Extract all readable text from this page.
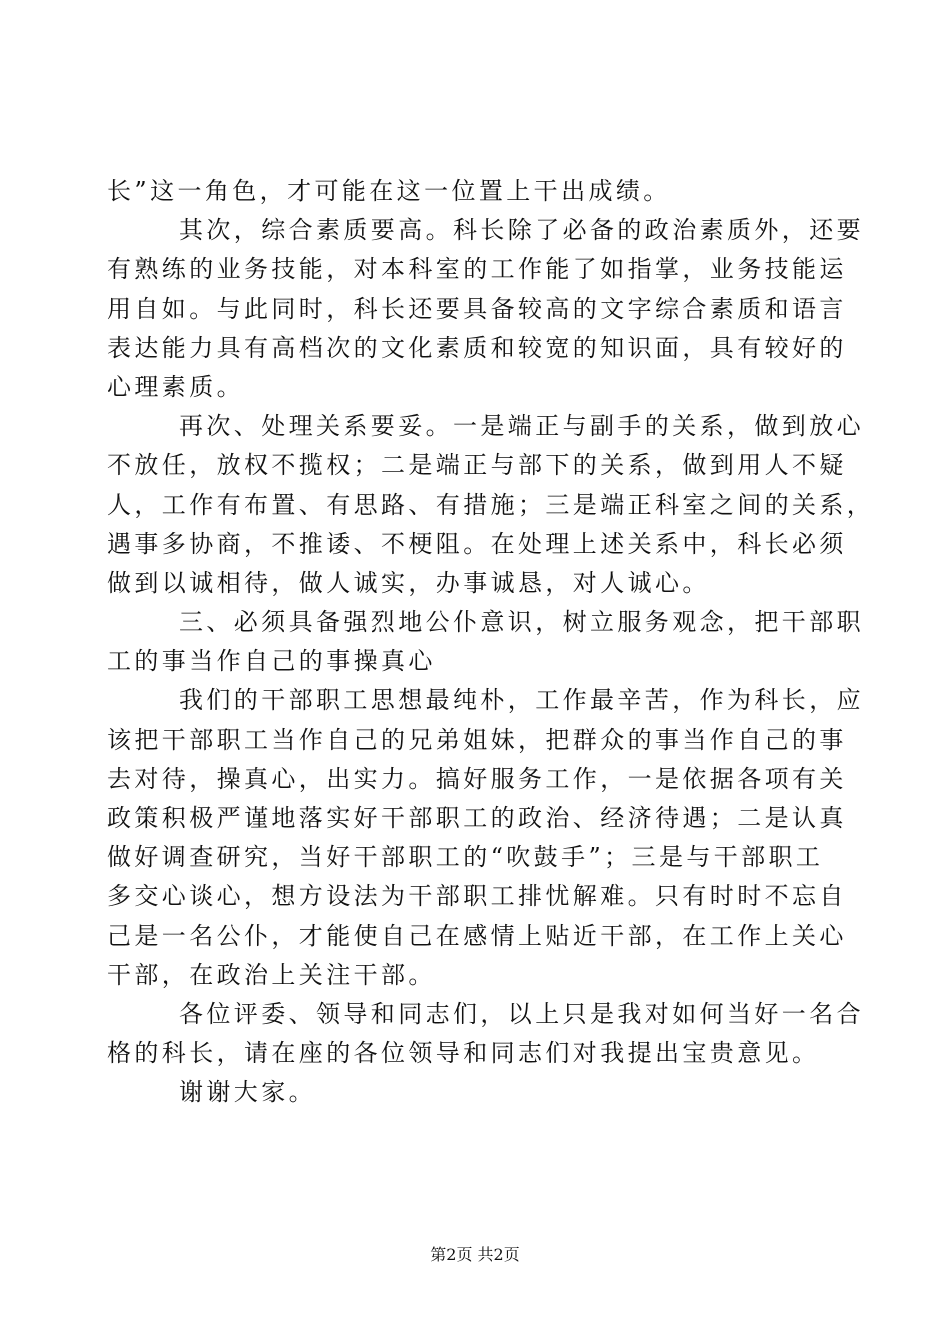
长”这一角色，才可能在这一位置上干出成绩。
其次，综合素质要高。科长除了必备的政治素质外，还要
有熟练的业务技能，对本科室的工作能了如指掌，业务技能运
用自如。与此同时，科长还要具备较高的文字综合素质和语言
表达能力具有高档次的文化素质和较宽的知识面，具有较好的
心理素质。
再次、处理关系要妥。一是端正与副手的关系，做到放心
不放任，放权不揽权；二是端正与部下的关系，做到用人不疑
人，工作有布置、有思路、有措施；三是端正科室之间的关系，
遇事多协商，不推诿、不梗阻。在处理上述关系中，科长必须
做到以诚相待，做人诚实，办事诚恳，对人诚心。
三、必须具备强烈地公仆意识，树立服务观念，把干部职
工的事当作自己的事操真心
我们的干部职工思想最纯朴，工作最辛苦，作为科长，应
该把干部职工当作自己的兄弟姐妹，把群众的事当作自己的事
去对待，操真心，出实力。搞好服务工作，一是依据各项有关
政策积极严谨地落实好干部职工的政治、经济待遇；二是认真
做好调查研究，当好干部职工的“吹鼓手”；三是与干部职工
多交心谈心，想方设法为干部职工排忧解难。只有时时不忘自
己是一名公仆，才能使自己在感情上贴近干部，在工作上关心
干部，在政治上关注干部。
各位评委、领导和同志们，以上只是我对如何当好一名合
格的科长，请在座的各位领导和同志们对我提出宝贵意见。
谢谢大家。
第2页 共2页
